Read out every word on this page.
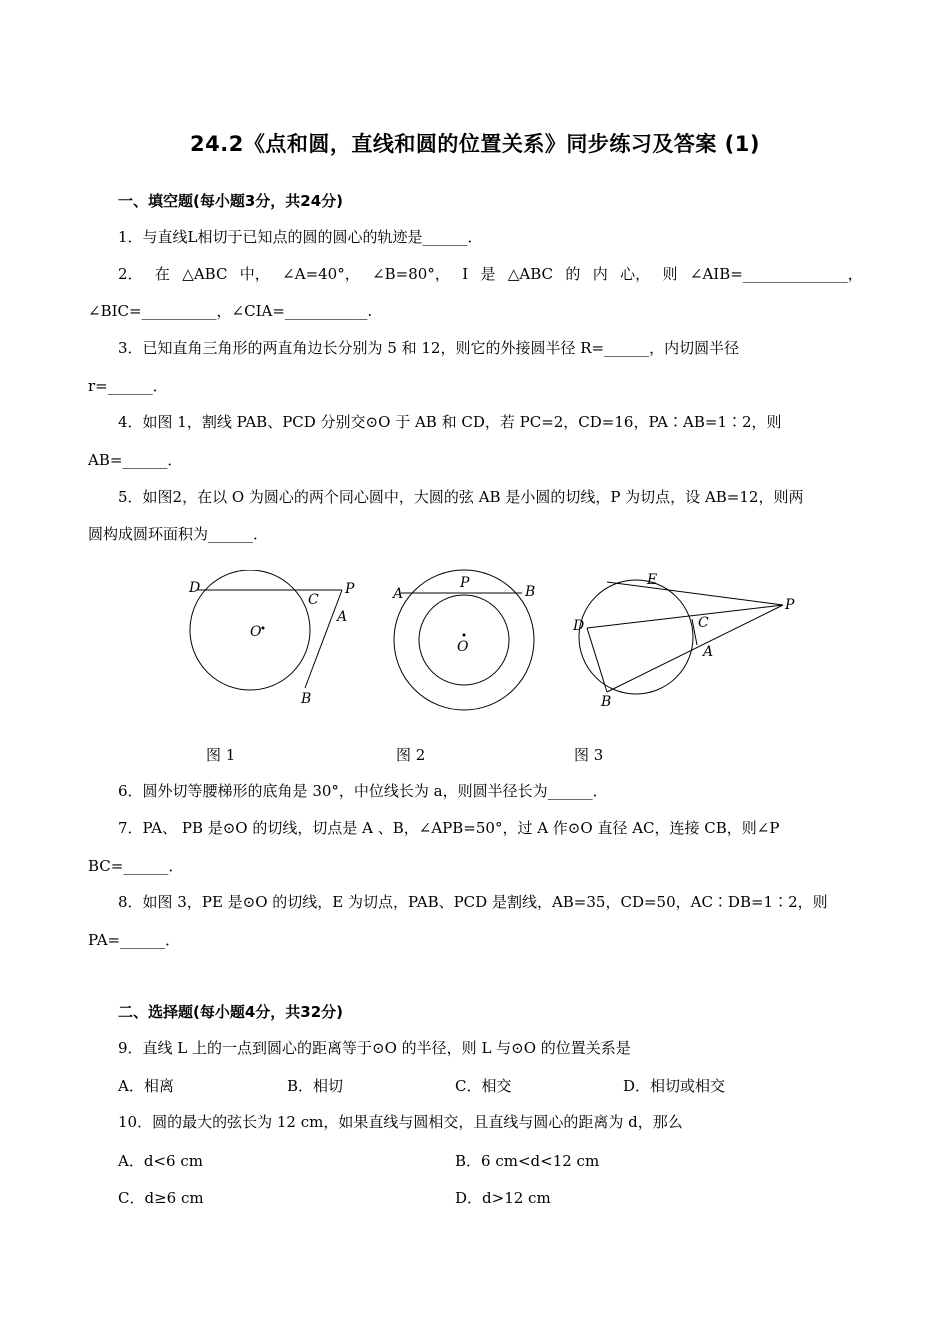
24.2《点和圆，直线和圆的位置关系》同步练习及答案 (1)
一、填空题(每小题3分，共24分)
1．与直线L相切于已知点的圆的圆心的轨迹是______．
2． 在 △ABC 中， ∠A=40°， ∠B=80°， I 是 △ABC 的 内 心， 则 ∠AIB=______________，
∠BIC=__________，∠CIA=___________.
3．已知直角三角形的两直角边长分别为 5 和 12，则它的外接圆半径 R=______，内切圆半径
r=______．
4．如图 1，割线 PAB、PCD 分别交⊙O 于 AB 和 CD，若 PC=2，CD=16，PA∶AB=1∶2，则
AB=______．
5．如图2，在以 O 为圆心的两个同心圆中，大圆的弦 AB 是小圆的切线，P 为切点，设 AB=12，则两
圆构成圆环面积为______．
D	P
C
A
O
B
A
P
B
O
E
P
D	C
A
B
图 1	图 2	图 3
6．圆外切等腰梯形的底角是 30°，中位线长为 a，则圆半径长为______．
7．PA、 PB 是⊙O 的切线，切点是 A 、B，∠APB=50°，过 A 作⊙O 直径 AC，连接 CB，则∠P
BC=______．
8．如图 3，PE 是⊙O 的切线，E 为切点，PAB、PCD 是割线，AB=35，CD=50，AC∶DB=1∶2，则
PA=______．
二、选择题(每小题4分，共32分)
9．直线 L 上的一点到圆心的距离等于⊙O 的半径，则 L 与⊙O 的位置关系是
A．相离	B．相切	C．相交	D．相切或相交
10．圆的最大的弦长为 12 cm，如果直线与圆相交，且直线与圆心的距离为 d，那么
A．d<6 cm	B．6 cm<d<12 cm
C．d≥6 cm	D．d>12 cm
